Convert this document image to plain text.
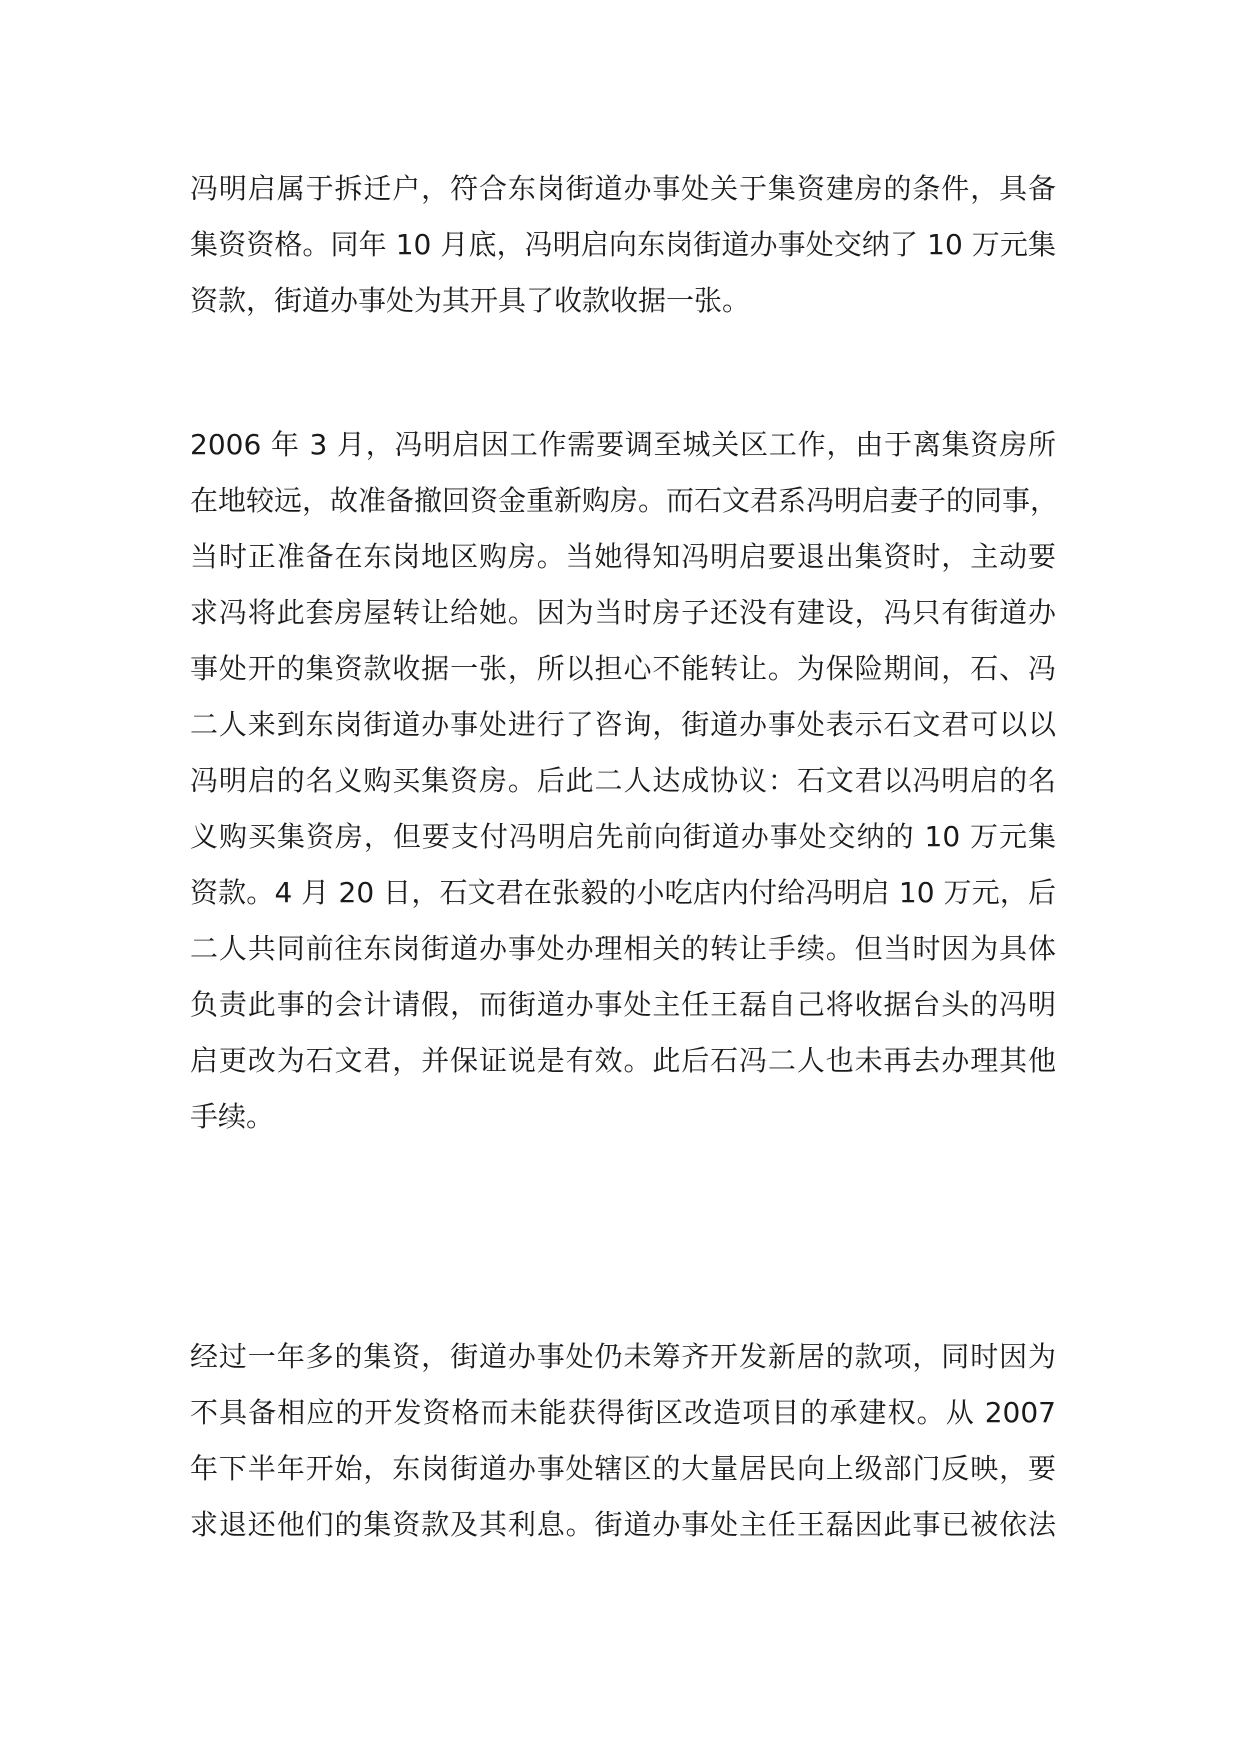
冯明启属于拆迁户，符合东岗街道办事处关于集资建房的条件，具备
集资资格。同年 10 月底，冯明启向东岗街道办事处交纳了 10 万元集
资款，街道办事处为其开具了收款收据一张。
2006 年 3 月，冯明启因工作需要调至城关区工作，由于离集资房所
在地较远，故准备撤回资金重新购房。而石文君系冯明启妻子的同事，
当时正准备在东岗地区购房。当她得知冯明启要退出集资时，主动要
求冯将此套房屋转让给她。因为当时房子还没有建设，冯只有街道办
事处开的集资款收据一张，所以担心不能转让。为保险期间，石、冯
二人来到东岗街道办事处进行了咨询，街道办事处表示石文君可以以
冯明启的名义购买集资房。后此二人达成协议：石文君以冯明启的名
义购买集资房，但要支付冯明启先前向街道办事处交纳的 10 万元集
资款。4 月 20 日，石文君在张毅的小吃店内付给冯明启 10 万元，后
二人共同前往东岗街道办事处办理相关的转让手续。但当时因为具体
负责此事的会计请假，而街道办事处主任王磊自己将收据台头的冯明
启更改为石文君，并保证说是有效。此后石冯二人也未再去办理其他
手续。
经过一年多的集资，街道办事处仍未筹齐开发新居的款项，同时因为
不具备相应的开发资格而未能获得街区改造项目的承建权。从 2007
年下半年开始，东岗街道办事处辖区的大量居民向上级部门反映，要
求退还他们的集资款及其利息。街道办事处主任王磊因此事已被依法
